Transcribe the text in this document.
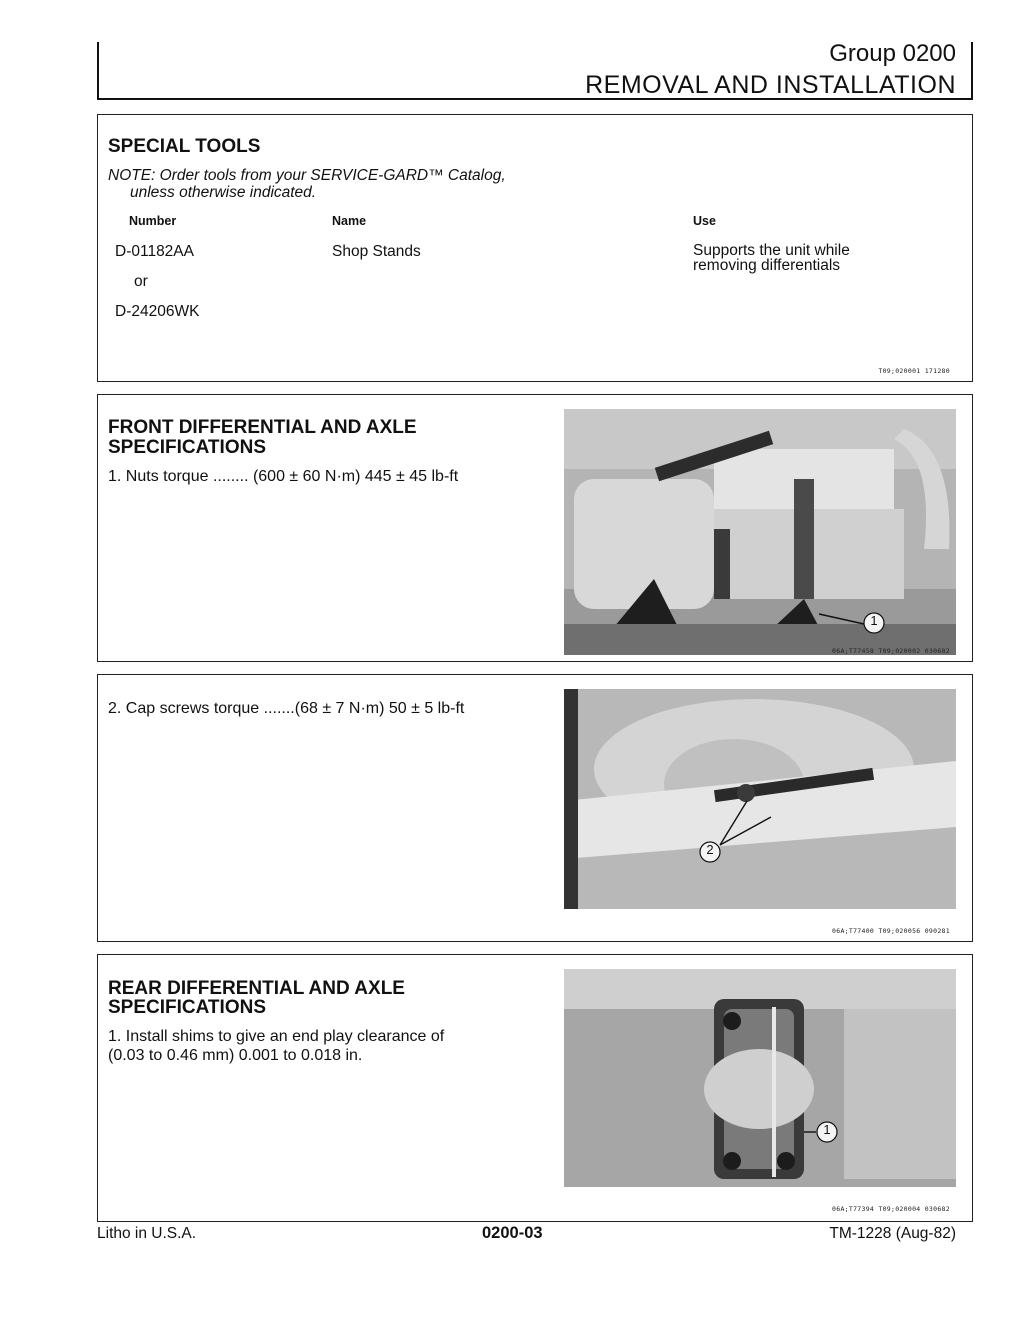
Group 0200
REMOVAL AND INSTALLATION
SPECIAL TOOLS
NOTE: Order tools from your SERVICE-GARD™ Catalog,
unless otherwise indicated.
Number	Name	Use
D-01182AA
or
D-24206WK
Shop Stands	Supports the unit while
removing differentials
T09;020001 171280
FRONT DIFFERENTIAL AND AXLE
SPECIFICATIONS
1. Nuts torque ........ (600 ± 60 N·m) 445 ± 45 lb-ft
1
06A;T77458 T09;020002 030682
2. Cap screws torque .......(68 ± 7 N·m) 50 ± 5 lb-ft
2
06A;T77400 T09;020056 090281
REAR DIFFERENTIAL AND AXLE
SPECIFICATIONS
1. Install shims to give an end play clearance of
(0.03 to 0.46 mm) 0.001 to 0.018 in.
1
06A;T77394 T09;020004 030682
Litho in U.S.A.	0200-03	TM-1228 (Aug-82)
